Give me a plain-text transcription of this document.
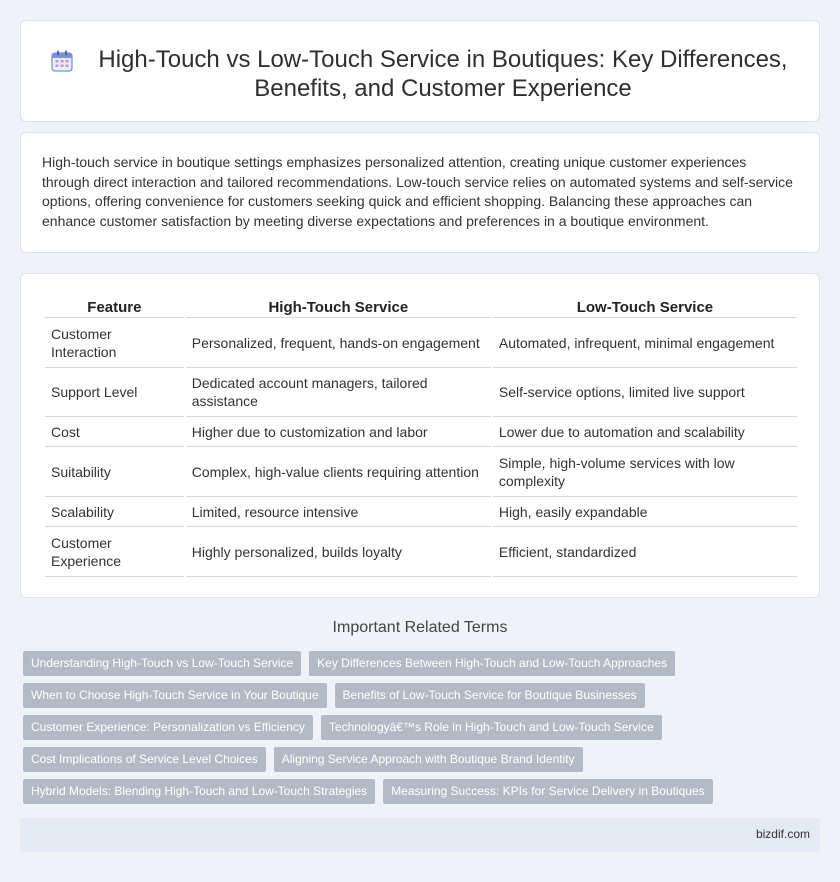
High-Touch vs Low-Touch Service in Boutiques: Key Differences, Benefits, and Customer Experience

High-touch service in boutique settings emphasizes personalized attention, creating unique customer experiences through direct interaction and tailored recommendations. Low-touch service relies on automated systems and self-service options, offering convenience for customers seeking quick and efficient shopping. Balancing these approaches can enhance customer satisfaction by meeting diverse expectations and preferences in a boutique environment.

Feature	High-Touch Service	Low-Touch Service
Customer Interaction	Personalized, frequent, hands-on engagement	Automated, infrequent, minimal engagement
Support Level	Dedicated account managers, tailored assistance	Self-service options, limited live support
Cost	Higher due to customization and labor	Lower due to automation and scalability
Suitability	Complex, high-value clients requiring attention	Simple, high-volume services with low complexity
Scalability	Limited, resource intensive	High, easily expandable
Customer Experience	Highly personalized, builds loyalty	Efficient, standardized
Important Related Terms
Understanding High-Touch vs Low-Touch Service	Key Differences Between High-Touch and Low-Touch Approaches
When to Choose High-Touch Service in Your Boutique	Benefits of Low-Touch Service for Boutique Businesses
Customer Experience: Personalization vs Efficiency	Technologyâ€™s Role in High-Touch and Low-Touch Service
Cost Implications of Service Level Choices	Aligning Service Approach with Boutique Brand Identity
Hybrid Models: Blending High-Touch and Low-Touch Strategies	Measuring Success: KPIs for Service Delivery in Boutiques
bizdif.com
